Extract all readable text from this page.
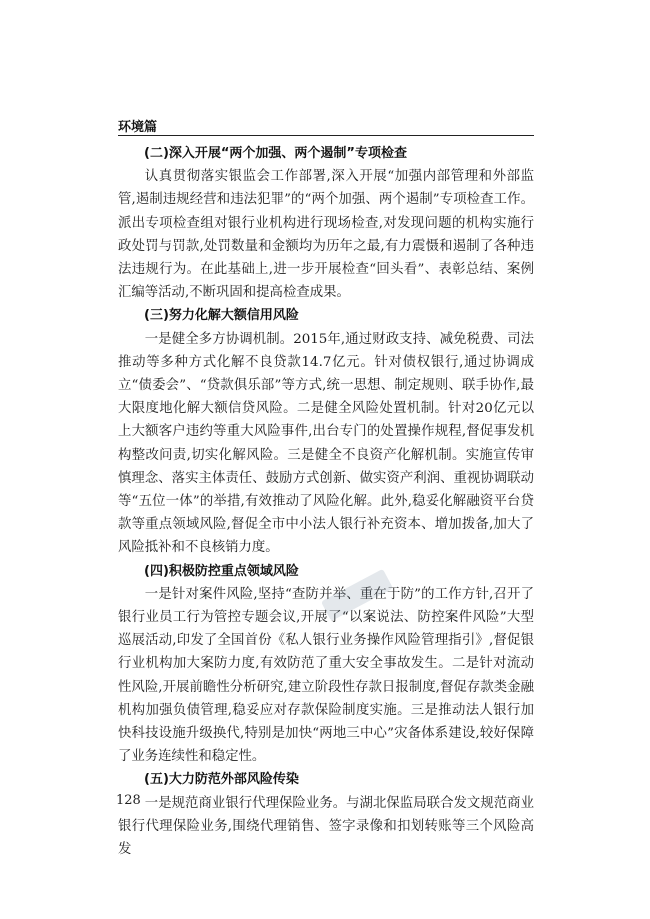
环境篇
(二)深入开展“两个加强、两个遏制”专项检查

认真贯彻落实银监会工作部署,深入开展“加强内部管理和外部监管,遏制违规经营和违法犯罪”的“两个加强、两个遏制”专项检查工作。派出专项检查组对银行业机构进行现场检查,对发现问题的机构实施行政处罚与罚款,处罚数量和金额均为历年之最,有力震慑和遏制了各种违法违规行为。在此基础上,进一步开展检查“回头看”、表彰总结、案例汇编等活动,不断巩固和提高检查成果。

(三)努力化解大额信用风险

一是健全多方协调机制。2015年,通过财政支持、减免税费、司法推动等多种方式化解不良贷款14.7亿元。针对债权银行,通过协调成立“债委会”、“贷款俱乐部”等方式,统一思想、制定规则、联手协作,最大限度地化解大额信贷风险。二是健全风险处置机制。针对20亿元以上大额客户违约等重大风险事件,出台专门的处置操作规程,督促事发机构整改问责,切实化解风险。三是健全不良资产化解机制。实施宣传审慎理念、落实主体责任、鼓励方式创新、做实资产利润、重视协调联动等“五位一体”的举措,有效推动了风险化解。此外,稳妥化解融资平台贷款等重点领域风险,督促全市中小法人银行补充资本、增加拨备,加大了风险抵补和不良核销力度。

(四)积极防控重点领域风险

一是针对案件风险,坚持“查防并举、重在于防”的工作方针,召开了银行业员工行为管控专题会议,开展了“以案说法、防控案件风险”大型巡展活动,印发了全国首份《私人银行业务操作风险管理指引》,督促银行业机构加大案防力度,有效防范了重大安全事故发生。二是针对流动性风险,开展前瞻性分析研究,建立阶段性存款日报制度,督促存款类金融机构加强负债管理,稳妥应对存款保险制度实施。三是推动法人银行加快科技设施升级换代,特别是加快“两地三中心”灾备体系建设,较好保障了业务连续性和稳定性。

(五)大力防范外部风险传染

一是规范商业银行代理保险业务。与湖北保监局联合发文规范商业银行代理保险业务,围绕代理销售、签字录像和扣划转账等三个风险高发

128
